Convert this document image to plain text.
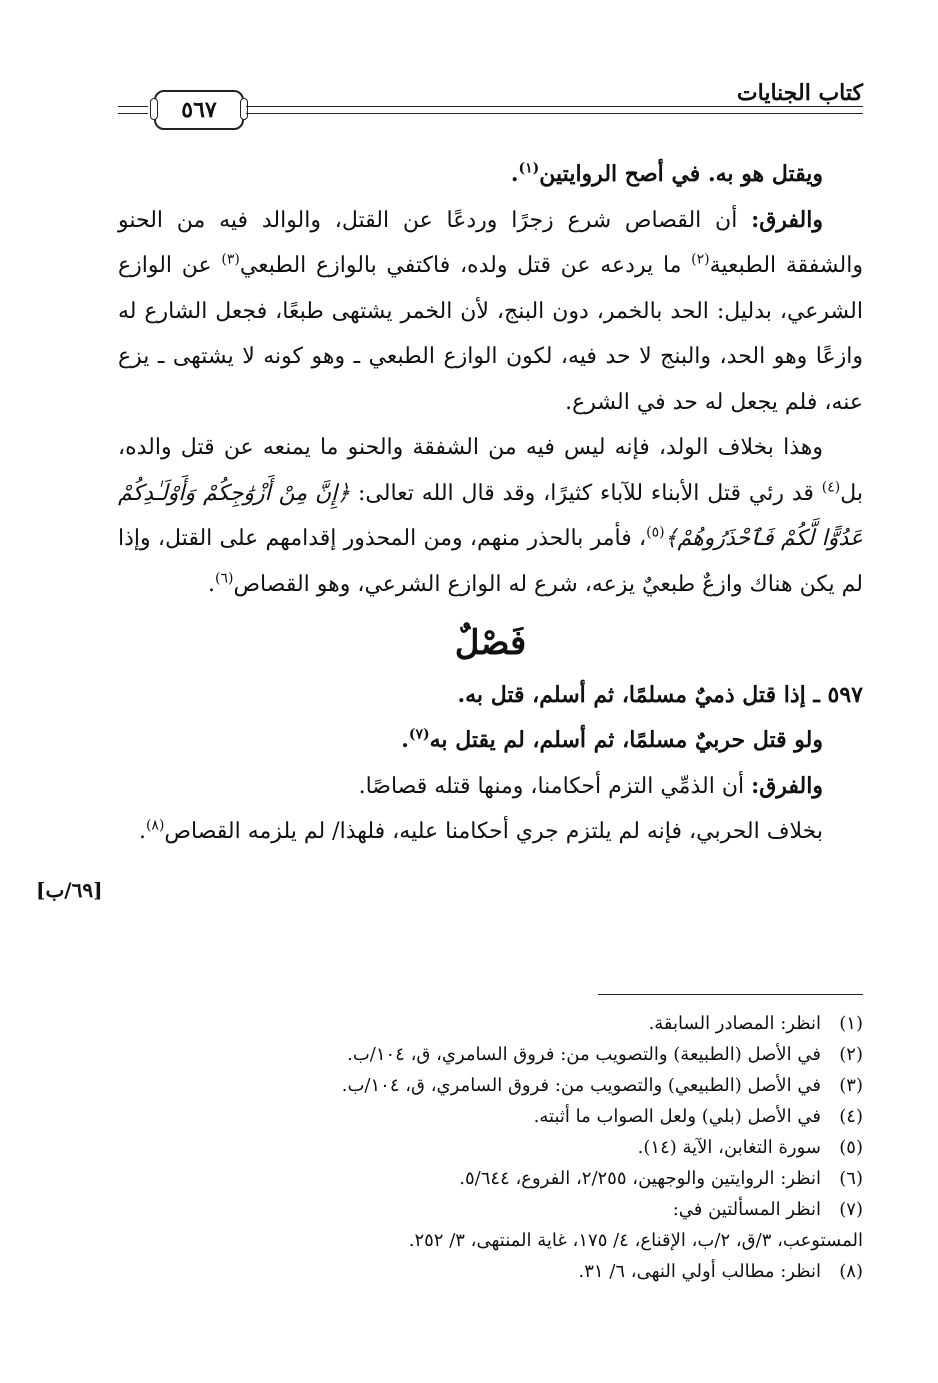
٥٦٧
كتاب الجنايات
[٦٩/ب]

ويقتل هو به. في أصح الروايتين$^{(١)}$.

والفرق: أن القصاص شرع زجرًا وردعًا عن القتل، والوالد فيه من الحنو والشفقة الطبعية$^{(٢)}$ ما يردعه عن قتل ولده، فاكتفي بالوازع الطبعي$^{(٣)}$ عن الوازع الشرعي، بدليل: الحد بالخمر، دون البنج، لأن الخمر يشتهى طبعًا، فجعل الشارع له وازعًا وهو الحد، والبنج لا حد فيه، لكون الوازع الطبعي ـ وهو كونه لا يشتهى ـ يزع عنه، فلم يجعل له حد في الشرع.

وهذا بخلاف الولد، فإنه ليس فيه من الشفقة والحنو ما يمنعه عن قتل والده، بل$^{(٤)}$ قد رئي قتل الأبناء للآباء كثيرًا، وقد قال الله تعالى: ﴿إِنَّ مِنْ أَزْوَٰجِكُمْ وَأَوْلَـٰدِكُمْ عَدُوًّا لَّكُمْ فَٱحْذَرُوهُمْ﴾$^{(٥)}$، فأمر بالحذر منهم، ومن المحذور إقدامهم على القتل، وإذا لم يكن هناك وازعٌ طبعيٌ يزعه، شرع له الوازع الشرعي، وهو القصاص$^{(٦)}$.

فَصْلٌ

٥٩٧ ـ إذا قتل ذميٌ مسلمًا، ثم أسلم، قتل به.

ولو قتل حربيٌ مسلمًا، ثم أسلم، لم يقتل به$^{(٧)}$.

والفرق: أن الذمِّي التزم أحكامنا، ومنها قتله قصاصًا.

بخلاف الحربي، فإنه لم يلتزم جري أحكامنا عليه، فلهذا/ لم يلزمه القصاص$^{(٨)}$.

(١)
انظر: المصادر السابقة.
(٢)
في الأصل (الطبيعة) والتصويب من: فروق السامري، ق، ١٠٤/ب.
(٣)
في الأصل (الطبيعي) والتصويب من: فروق السامري، ق، ١٠٤/ب.
(٤)
في الأصل (بلي) ولعل الصواب ما أثبته.
(٥)
سورة التغابن، الآية (١٤).
(٦)
انظر: الروايتين والوجهين، ٢/٢٥٥، الفروع، ٥/٦٤٤.
(٧)
انظر المسألتين في:
المستوعب، ٣/ق، ٢/ب، الإقناع، ٤/ ١٧٥، غاية المنتهى، ٣/ ٢٥٢.
(٨)
انظر: مطالب أولي النهى، ٦/ ٣١.
